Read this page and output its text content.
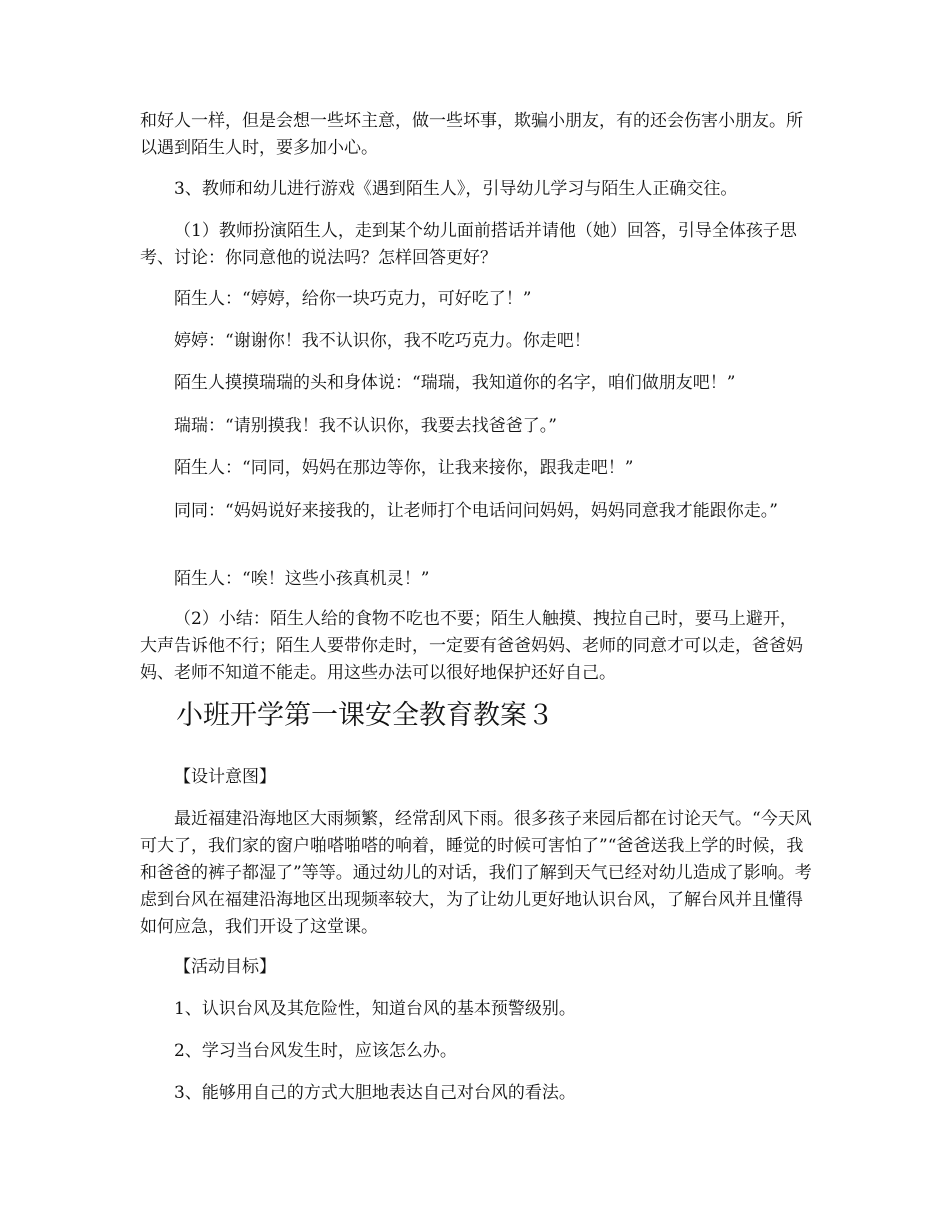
和好人一样，但是会想一些坏主意，做一些坏事，欺骗小朋友，有的还会伤害小朋友。所以遇到陌生人时，要多加小心。

3、教师和幼儿进行游戏《遇到陌生人》，引导幼儿学习与陌生人正确交往。

（1）教师扮演陌生人，走到某个幼儿面前搭话并请他（她）回答，引导全体孩子思考、讨论：你同意他的说法吗？怎样回答更好？

陌生人：“婷婷，给你一块巧克力，可好吃了！”

婷婷：“谢谢你！我不认识你，我不吃巧克力。你走吧！

陌生人摸摸瑞瑞的头和身体说：“瑞瑞，我知道你的名字，咱们做朋友吧！”

瑞瑞：“请别摸我！我不认识你，我要去找爸爸了。”

陌生人：“同同，妈妈在那边等你，让我来接你，跟我走吧！”

同同：“妈妈说好来接我的，让老师打个电话问问妈妈，妈妈同意我才能跟你走。”

陌生人：“唉！这些小孩真机灵！”

（2）小结：陌生人给的食物不吃也不要；陌生人触摸、拽拉自己时，要马上避开，大声告诉他不行；陌生人要带你走时，一定要有爸爸妈妈、老师的同意才可以走，爸爸妈妈、老师不知道不能走。用这些办法可以很好地保护还好自己。

小班开学第一课安全教育教案３

【设计意图】

最近福建沿海地区大雨频繁，经常刮风下雨。很多孩子来园后都在讨论天气。“今天风可大了，我们家的窗户啪嗒啪嗒的响着，睡觉的时候可害怕了”“爸爸送我上学的时候，我和爸爸的裤子都湿了”等等。通过幼儿的对话，我们了解到天气已经对幼儿造成了影响。考虑到台风在福建沿海地区出现频率较大，为了让幼儿更好地认识台风，了解台风并且懂得如何应急，我们开设了这堂课。

【活动目标】

1、认识台风及其危险性，知道台风的基本预警级别。

2、学习当台风发生时，应该怎么办。

3、能够用自己的方式大胆地表达自己对台风的看法。
